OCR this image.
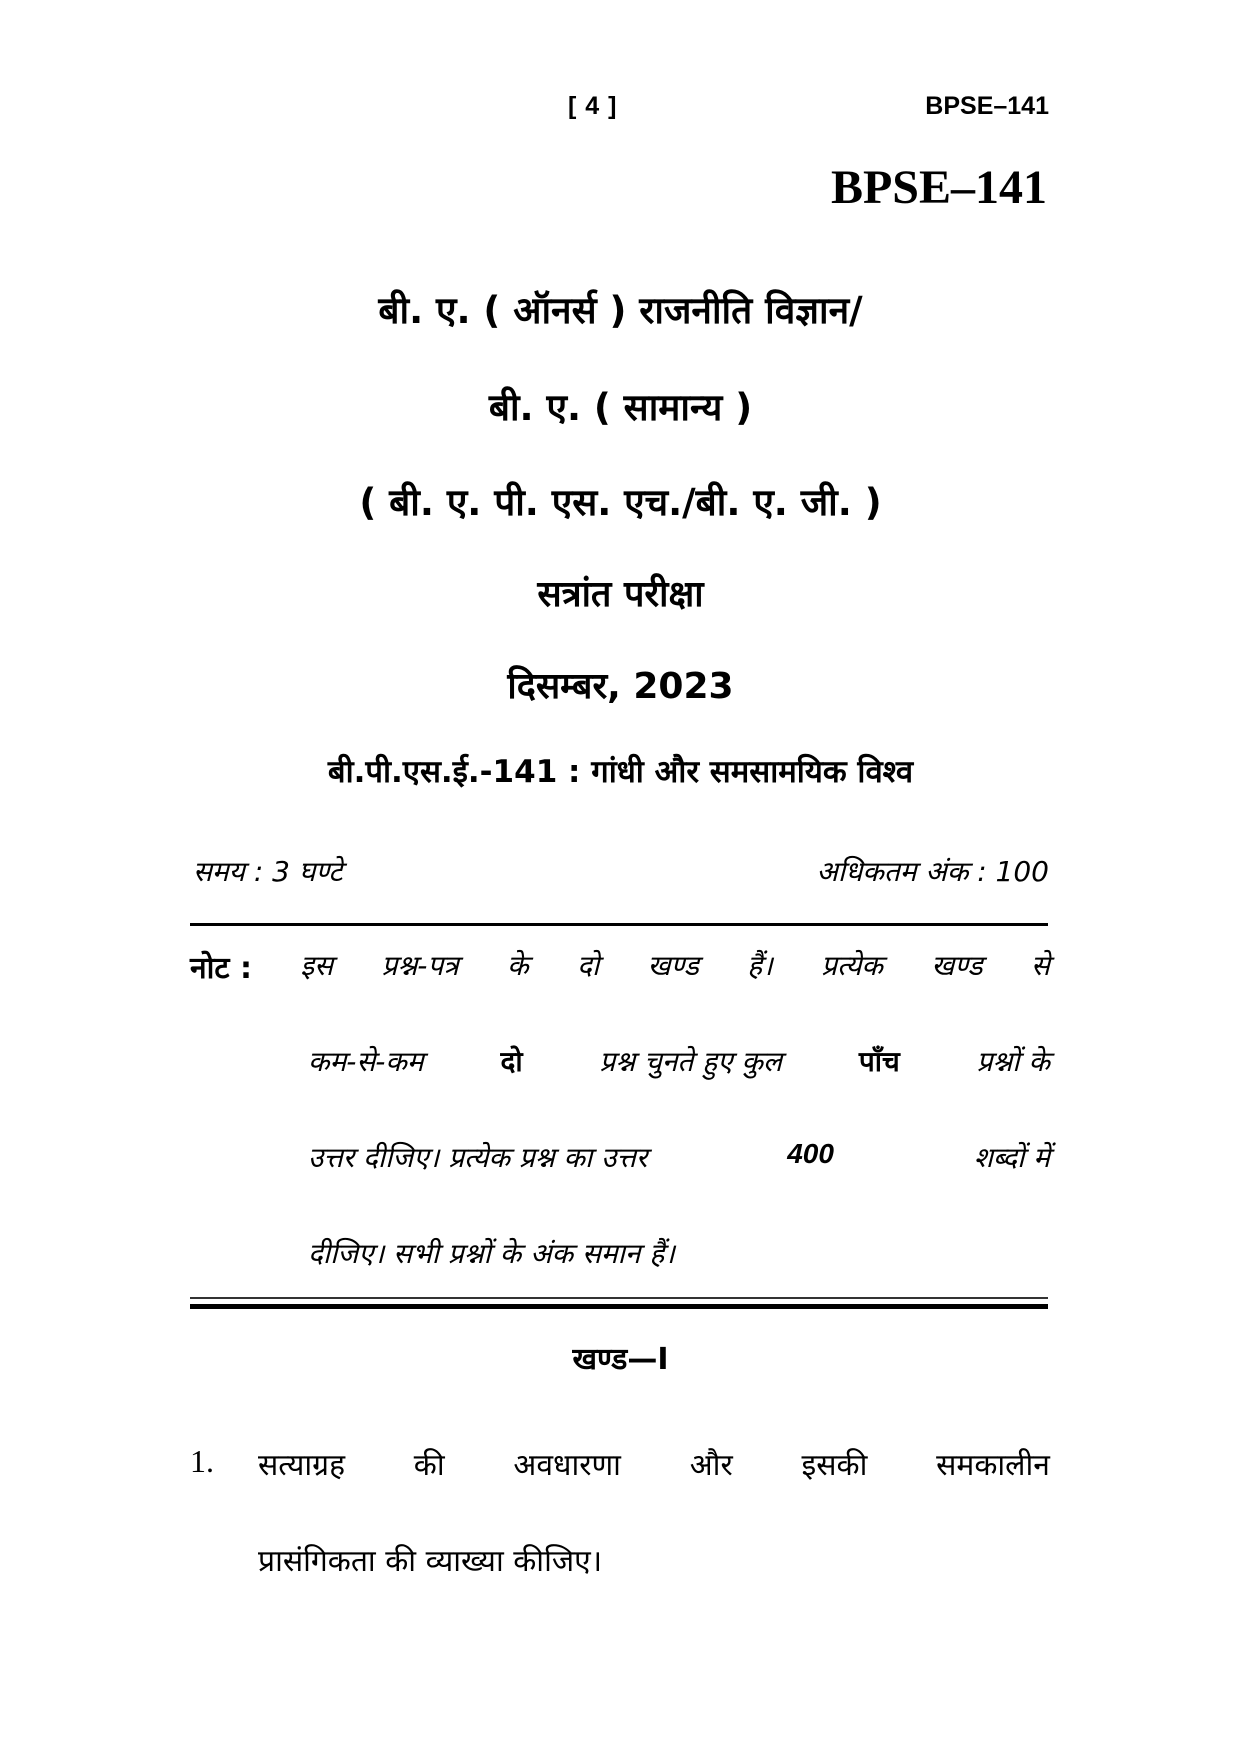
[ 4 ]	BPSE–141
BPSE–141
बी. ए. ( ऑनर्स ) राजनीति विज्ञान/
बी. ए. ( सामान्य )
( बी. ए. पी. एस. एच./बी. ए. जी. )
सत्रांत परीक्षा
दिसम्बर, 2023
बी.पी.एस.ई.-141 : गांधी और समसामयिक विश्व
समय : 3 घण्टे	अधिकतम अंक : 100
नोट : इस प्रश्न-पत्र के दो खण्ड हैं। प्रत्येक खण्ड से
कम-से-कम	दो	प्रश्न चुनते हुए कुल	पाँच	प्रश्नों के
उत्तर दीजिए। प्रत्येक प्रश्न का उत्तर	400	शब्दों में
दीजिए। सभी प्रश्नों के अंक समान हैं।
खण्ड—I
1. सत्याग्रह की अवधारणा और इसकी समकालीन
प्रासंगिकता की व्याख्या कीजिए।
